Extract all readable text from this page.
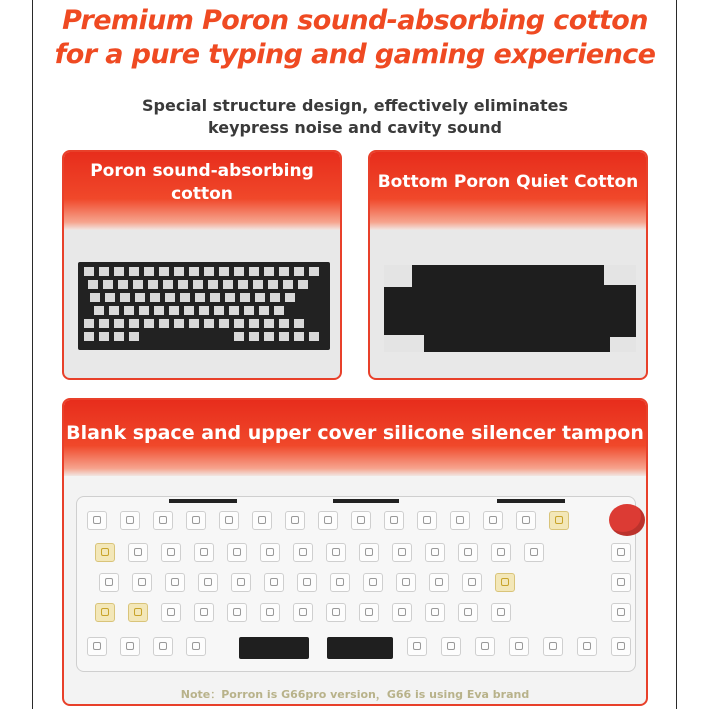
Premium Poron sound-absorbing cotton
for a pure typing and gaming experience
Special structure design, effectively eliminates
keypress noise and cavity sound
Poron sound-absorbing
cotton
Bottom Poron Quiet Cotton
Blank space and upper cover silicone silencer tampon
Note：Porron is G66pro version，G66 is using Eva brand
